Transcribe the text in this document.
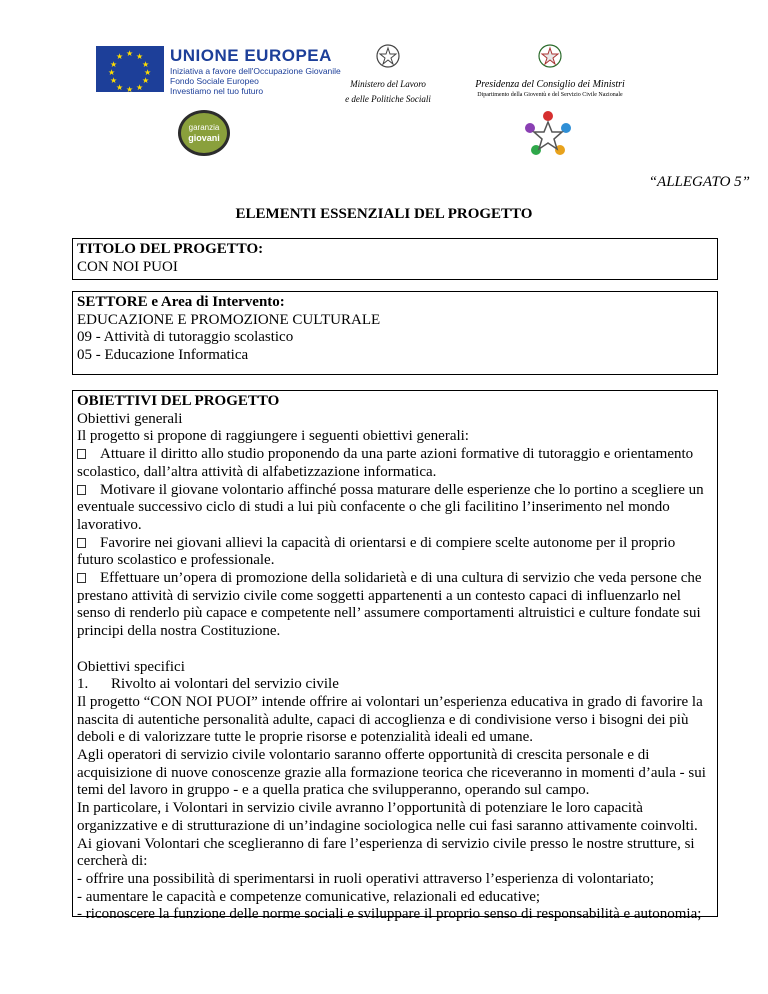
★ ★
★
★
★
★
★
★
★
★
★
★	UNIONE EUROPEA
Iniziativa a favore dell'Occupazione Giovanile
Fondo Sociale Europeo
Investiamo nel tuo futuro
Ministero del Lavoro
e delle Politiche Sociali
Presidenza del Consiglio dei Ministri
Dipartimento della Gioventù e del Servizio Civile Nazionale
garanzia
giovani
“ALLEGATO 5”
ELEMENTI ESSENZIALI DEL PROGETTO
TITOLO DEL PROGETTO:
CON NOI PUOI
SETTORE e Area di Intervento:
EDUCAZIONE E PROMOZIONE CULTURALE
09 - Attività di tutoraggio scolastico
05 - Educazione Informatica
OBIETTIVI DEL PROGETTO
Obiettivi generali
Il progetto si propone di raggiungere i seguenti obiettivi generali:

Attuare il diritto allo studio proponendo da una parte azioni formative di tutoraggio e orientamento scolastico, dall’altra attività di alfabetizzazione informatica.

Motivare il giovane volontario affinché possa maturare delle esperienze che lo portino a scegliere un eventuale successivo ciclo di studi a lui più confacente o che gli facilitino l’inserimento nel mondo lavorativo.

Favorire nei giovani allievi la capacità di orientarsi e di compiere scelte autonome per il proprio futuro scolastico e professionale.

Effettuare un’opera di promozione della solidarietà e di una cultura di servizio che veda persone che prestano attività di servizio civile come soggetti appartenenti a un contesto capaci di influenzarlo nel senso di renderlo più capace e competente nell’ assumere comportamenti altruistici e culture fondate sui principi della nostra Costituzione.

Obiettivi specifici
1. Rivolto ai volontari del servizio civile

Il progetto “CON NOI PUOI” intende offrire ai volontari un’esperienza educativa in grado di favorire la nascita di autentiche personalità adulte, capaci di accoglienza e di condivisione verso i bisogni dei più deboli e di valorizzare tutte le proprie risorse e potenzialità ideali ed umane.

Agli operatori di servizio civile volontario saranno offerte opportunità di crescita personale e di acquisizione di nuove conoscenze grazie alla formazione teorica che riceveranno in momenti d’aula - sui temi del lavoro in gruppo - e a quella pratica che svilupperanno, operando sul campo.

In particolare, i Volontari in servizio civile avranno l’opportunità di potenziare le loro capacità organizzative e di strutturazione di un’indagine sociologica nelle cui fasi saranno attivamente coinvolti.

Ai giovani Volontari che sceglieranno di fare l’esperienza di servizio civile presso le nostre strutture, si cercherà di:

- offrire una possibilità di sperimentarsi in ruoli operativi attraverso l’esperienza di volontariato;

- aumentare le capacità e competenze comunicative, relazionali ed educative;

- riconoscere la funzione delle norme sociali e sviluppare il proprio senso di responsabilità e autonomia;
